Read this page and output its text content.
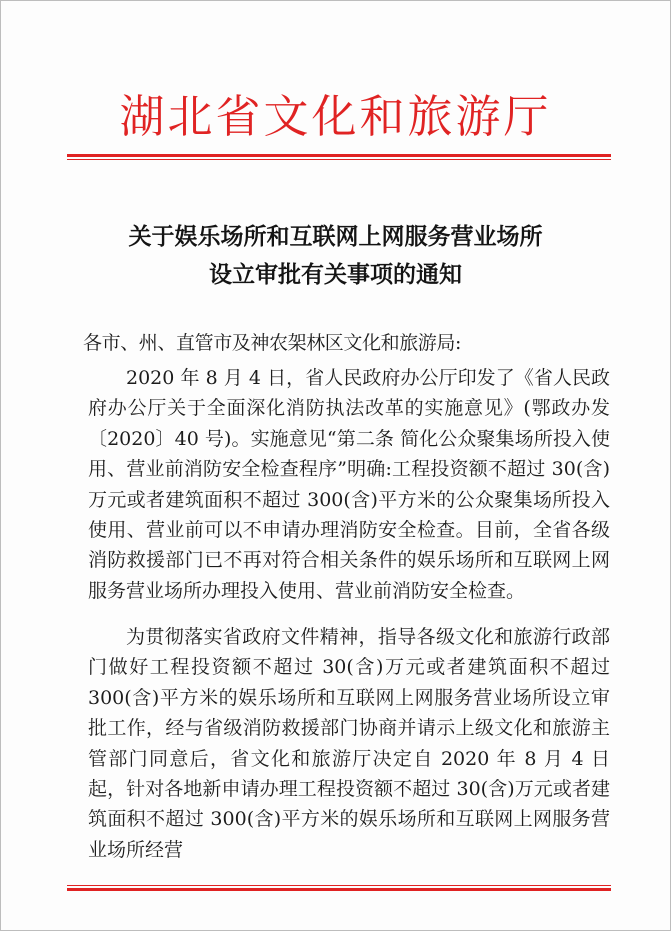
湖北省文化和旅游厅
关于娱乐场所和互联网上网服务营业场所
设立审批有关事项的通知
各市、州、直管市及神农架林区文化和旅游局:

2020 年 8 月 4 日，省人民政府办公厅印发了《省人民政府办公厅关于全面深化消防执法改革的实施意见》(鄂政办发〔2020〕40 号)。实施意见“第二条 简化公众聚集场所投入使用、营业前消防安全检查程序”明确:工程投资额不超过 30(含)万元或者建筑面积不超过 300(含)平方米的公众聚集场所投入使用、营业前可以不申请办理消防安全检查。目前，全省各级消防救援部门已不再对符合相关条件的娱乐场所和互联网上网服务营业场所办理投入使用、营业前消防安全检查。

为贯彻落实省政府文件精神，指导各级文化和旅游行政部门做好工程投资额不超过 30(含)万元或者建筑面积不超过 300(含)平方米的娱乐场所和互联网上网服务营业场所设立审批工作，经与省级消防救援部门协商并请示上级文化和旅游主管部门同意后，省文化和旅游厅决定自 2020 年 8 月 4 日起，针对各地新申请办理工程投资额不超过 30(含)万元或者建筑面积不超过 300(含)平方米的娱乐场所和互联网上网服务营业场所经营
